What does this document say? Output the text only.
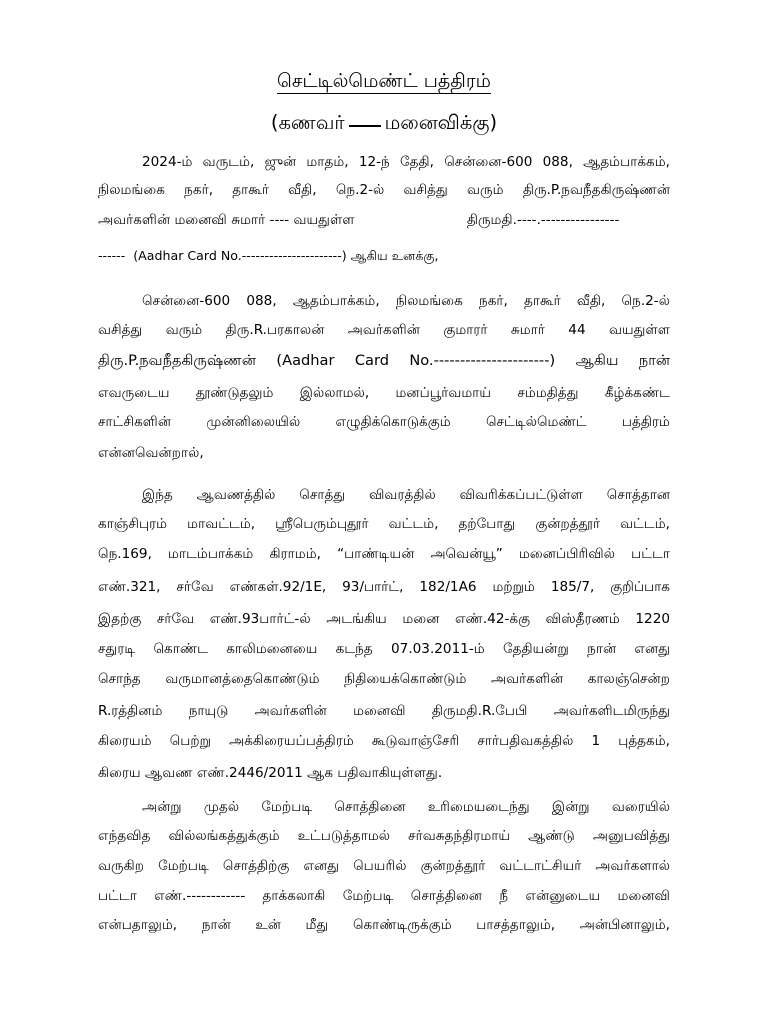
செட்டில்மெண்ட் பத்திரம்
(கணவர் மனைவிக்கு)
2024-ம் வருடம், ஜுன் மாதம், 12-ந் தேதி, சென்னை-600 088, ஆதம்பாக்கம்,
நிலமங்கை நகர், தாகூர் வீதி, நெ.2-ல் வசித்து வரும் திரு.P.நவநீதகிருஷ்ணன்
அவர்களின் மனைவி சுமார் ---- வயதுள்ள                          திருமதி.----.----------------
------  (Aadhar Card No.----------------------) ஆகிய உனக்கு,
சென்னை-600 088, ஆதம்பாக்கம், நிலமங்கை நகர், தாகூர் வீதி, நெ.2-ல்
வசித்து வரும் திரு.R.பரகாலன் அவர்களின் குமாரர் சுமார் 44 வயதுள்ள
திரு.P.நவநீதகிருஷ்ணன் (Aadhar Card No.----------------------) ஆகிய நான்
எவருடைய தூண்டுதலும் இல்லாமல், மனப்பூர்வமாய் சம்மதித்து கீழ்க்கண்ட
சாட்சிகளின் முன்னிலையில் எழுதிக்கொடுக்கும் செட்டில்மெண்ட் பத்திரம்
என்னவென்றால்,
இந்த ஆவணத்தில் சொத்து விவரத்தில் விவரிக்கப்பட்டுள்ள சொத்தான
காஞ்சிபுரம் மாவட்டம், ஸ்ரீபெரும்புதூர் வட்டம், தற்போது குன்றத்தூர் வட்டம்,
நெ.169, மாடம்பாக்கம் கிராமம், “பாண்டியன் அவென்யூ” மனைப்பிரிவில் பட்டா
எண்.321, சர்வே எண்கள்.92/1E, 93/பார்ட், 182/1A6 மற்றும் 185/7, குறிப்பாக
இதற்கு சர்வே எண்.93பார்ட்-ல் அடங்கிய மனை எண்.42-க்கு விஸ்தீரணம் 1220
சதுரடி கொண்ட காலிமனையை கடந்த 07.03.2011-ம் தேதியன்று நான் எனது
சொந்த வருமானத்தைகொண்டும் நிதியைக்கொண்டும் அவர்களின் காலஞ்சென்ற
R.ரத்தினம் நாயுடு அவர்களின் மனைவி திருமதி.R.பேபி அவர்களிடமிருந்து
கிரையம் பெற்று அக்கிரையப்பத்திரம் கூடுவாஞ்சேரி சார்பதிவகத்தில் 1 புத்தகம்,
கிரைய ஆவண எண்.2446/2011 ஆக பதிவாகியுள்ளது.
அன்று முதல் மேற்படி சொத்தினை உரிமையடைந்து இன்று வரையில்
எந்தவித வில்லங்கத்துக்கும் உட்படுத்தாமல் சர்வசுதந்திரமாய் ஆண்டு அனுபவித்து
வருகிற மேற்படி சொத்திற்கு எனது பெயரில் குன்றத்தூர் வட்டாட்சியர் அவர்களால்
பட்டா எண்.------------ தாக்கலாகி மேற்படி சொத்தினை நீ என்னுடைய மனைவி
என்பதாலும், நான் உன் மீது கொண்டிருக்கும் பாசத்தாலும், அன்பினாலும்,
